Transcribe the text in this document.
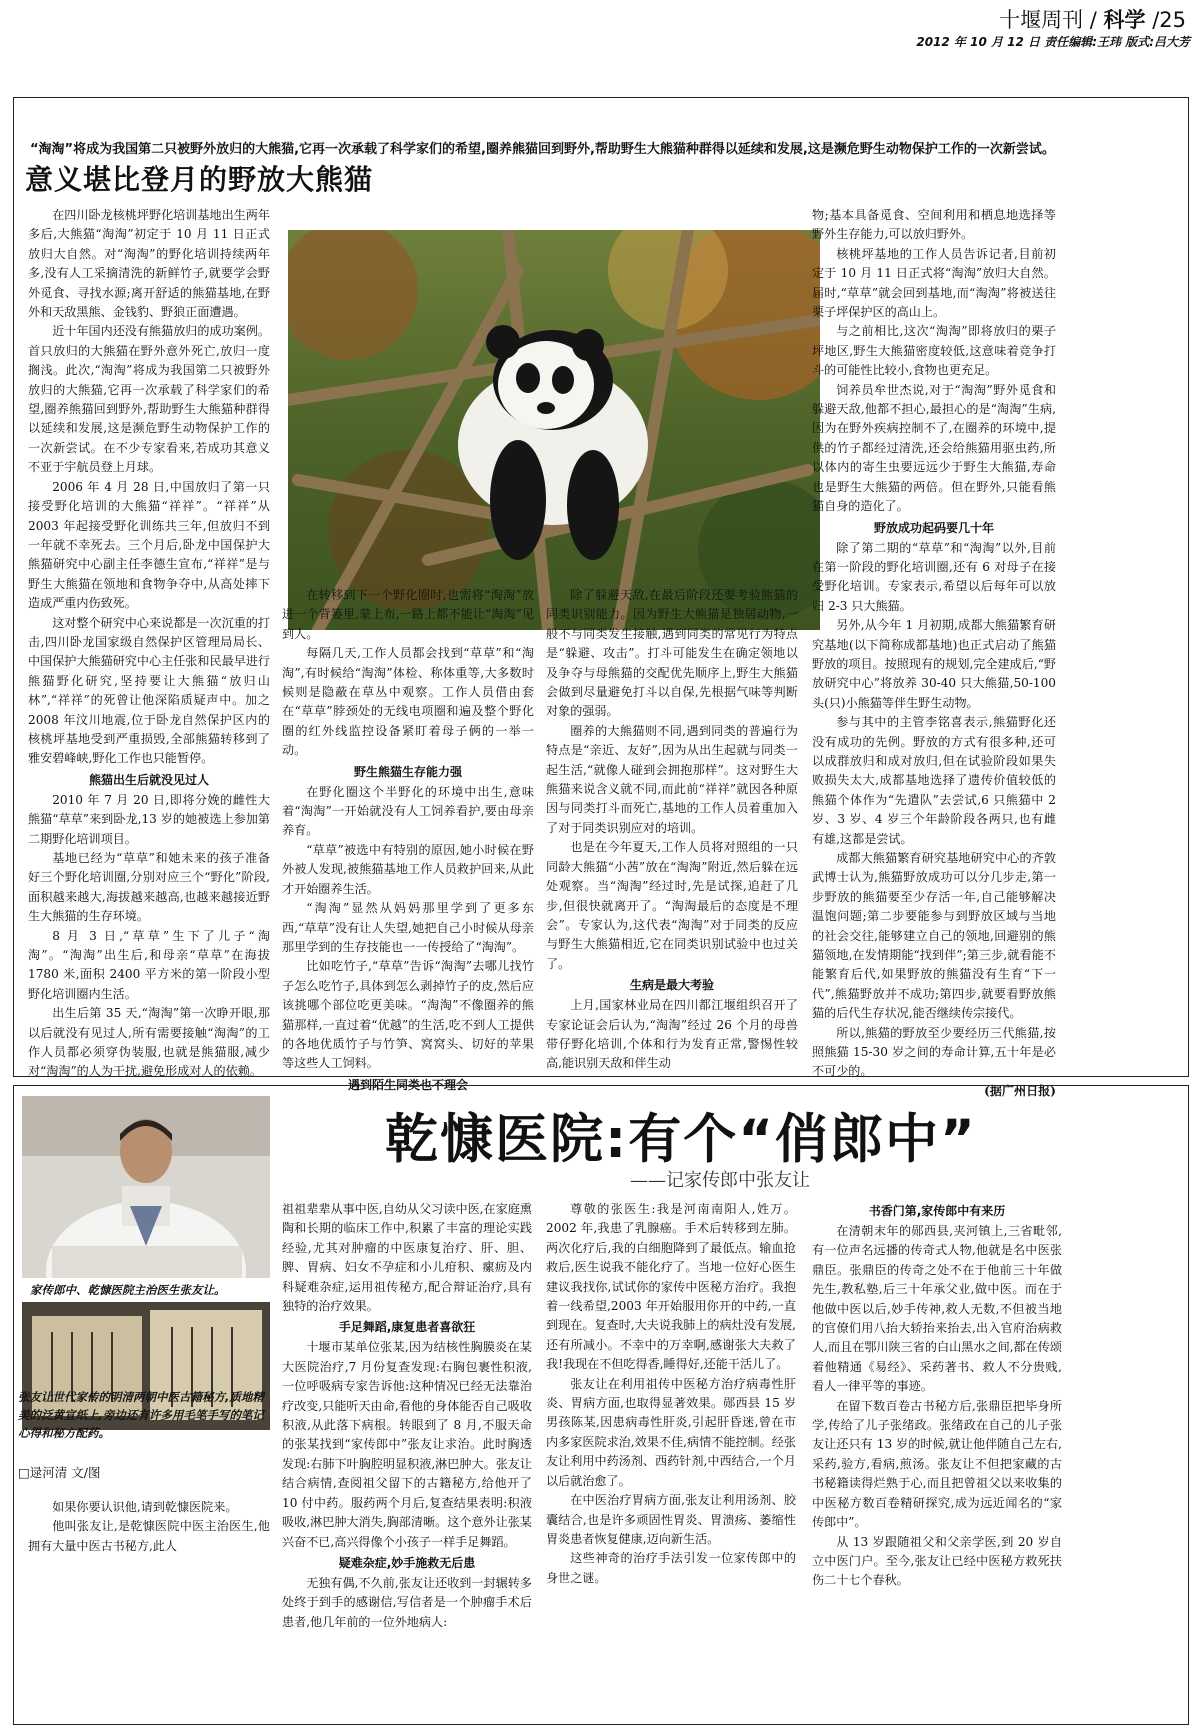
十堰周刊 / 科学 /25
2012 年 10 月 12 日 责任编辑:王玮 版式:吕大芳
“淘淘”将成为我国第二只被野外放归的大熊猫,它再一次承载了科学家们的希望,圈养熊猫回到野外,帮助野生大熊猫种群得以延续和发展,这是濒危野生动物保护工作的一次新尝试。
意义堪比登月的野放大熊猫

在四川卧龙核桃坪野化培训基地出生两年多后,大熊猫“淘淘”初定于 10 月 11 日正式放归大自然。对“淘淘”的野化培训持续两年多,没有人工采摘清洗的新鲜竹子,就要学会野外觅食、寻找水源;离开舒适的熊猫基地,在野外和天敌黑熊、金钱豹、野狼正面遭遇。

近十年国内还没有熊猫放归的成功案例。首只放归的大熊猫在野外意外死亡,放归一度搁浅。此次,“淘淘”将成为我国第二只被野外放归的大熊猫,它再一次承载了科学家们的希望,圈养熊猫回到野外,帮助野生大熊猫种群得以延续和发展,这是濒危野生动物保护工作的一次新尝试。在不少专家看来,若成功其意义不亚于宇航员登上月球。

2006 年 4 月 28 日,中国放归了第一只接受野化培训的大熊猫“祥祥”。“祥祥”从 2003 年起接受野化训练共三年,但放归不到一年就不幸死去。三个月后,卧龙中国保护大熊猫研究中心副主任李德生宣布,“祥祥”是与野生大熊猫在领地和食物争夺中,从高处摔下造成严重内伤致死。

这对整个研究中心来说都是一次沉重的打击,四川卧龙国家级自然保护区管理局局长、中国保护大熊猫研究中心主任张和民最早进行熊猫野化研究,坚持要让大熊猫“放归山林”,“祥祥”的死曾让他深陷质疑声中。加之 2008 年汶川地震,位于卧龙自然保护区内的核桃坪基地受到严重损毁,全部熊猫转移到了雅安碧峰峡,野化工作也只能暂停。

熊猫出生后就没见过人

2010 年 7 月 20 日,即将分娩的雌性大熊猫“草草”来到卧龙,13 岁的她被选上参加第二期野化培训项目。

基地已经为“草草”和她未来的孩子准备好三个野化培训圈,分别对应三个“野化”阶段,面积越来越大,海拔越来越高,也越来越接近野生大熊猫的生存环境。

8 月 3 日,“草草”生下了儿子“淘淘”。“淘淘”出生后,和母亲“草草”在海拔 1780 米,面积 2400 平方米的第一阶段小型野化培训圈内生活。

出生后第 35 天,“淘淘”第一次睁开眼,那以后就没有见过人,所有需要接触“淘淘”的工作人员都必须穿伪装服,也就是熊猫服,减少对“淘淘”的人为干扰,避免形成对人的依赖。

在转移到下一个野化圈时,也需将“淘淘”放进一个背篓里,蒙上布,一路上都不能让“淘淘”见到人。

每隔几天,工作人员都会找到“草草”和“淘淘”,有时候给“淘淘”体检、称体重等,大多数时候则是隐蔽在草丛中观察。工作人员借由套在“草草”脖颈处的无线电项圈和遍及整个野化圈的红外线监控设备紧盯着母子俩的一举一动。

野生熊猫生存能力强

在野化圈这个半野化的环境中出生,意味着“淘淘”一开始就没有人工饲养看护,要由母亲养育。

“草草”被选中有特别的原因,她小时候在野外被人发现,被熊猫基地工作人员救护回来,从此才开始圈养生活。

“淘淘”显然从妈妈那里学到了更多东西,“草草”没有让人失望,她把自己小时候从母亲那里学到的生存技能也一一传授给了“淘淘”。

比如吃竹子,“草草”告诉“淘淘”去哪儿找竹子怎么吃竹子,具体到怎么剥掉竹子的皮,然后应该挑哪个部位吃更美味。“淘淘”不像圈养的熊猫那样,一直过着“优越”的生活,吃不到人工提供的各地优质竹子与竹笋、窝窝头、切好的苹果等这些人工饲料。

遇到陌生同类也不理会

除了躲避天敌,在最后阶段还要考验熊猫的同类识别能力。因为野生大熊猫是独居动物,一般不与同类发生接触,遇到同类的常见行为特点是“躲避、攻击”。打斗可能发生在确定领地以及争夺与母熊猫的交配优先顺序上,野生大熊猫会做到尽量避免打斗以自保,先根据气味等判断对象的强弱。

圈养的大熊猫则不同,遇到同类的普遍行为特点是“亲近、友好”,因为从出生起就与同类一起生活,“就像人碰到会拥抱那样”。这对野生大熊猫来说含义就不同,而此前“祥祥”就因各种原因与同类打斗而死亡,基地的工作人员着重加入了对于同类识别应对的培训。

也是在今年夏天,工作人员将对照组的一只同龄大熊猫“小茜”放在“淘淘”附近,然后躲在远处观察。当“淘淘”经过时,先是试探,追赶了几步,但很快就离开了。“淘淘最后的态度是不理会”。专家认为,这代表“淘淘”对于同类的反应与野生大熊猫相近,它在同类识别试验中也过关了。

生病是最大考验

上月,国家林业局在四川都江堰组织召开了专家论证会后认为,“淘淘”经过 26 个月的母兽带仔野化培训,个体和行为发育正常,警惕性较高,能识别天敌和伴生动

物;基本具备觅食、空间利用和栖息地选择等野外生存能力,可以放归野外。

核桃坪基地的工作人员告诉记者,目前初定于 10 月 11 日正式将“淘淘”放归大自然。届时,“草草”就会回到基地,而“淘淘”将被送往栗子坪保护区的高山上。

与之前相比,这次“淘淘”即将放归的栗子坪地区,野生大熊猫密度较低,这意味着竞争打斗的可能性比较小,食物也更充足。

饲养员牟世杰说,对于“淘淘”野外觅食和躲避天敌,他都不担心,最担心的是“淘淘”生病,因为在野外疾病控制不了,在圈养的环境中,提供的竹子都经过清洗,还会给熊猫用驱虫药,所以体内的寄生虫要远远少于野生大熊猫,寿命也是野生大熊猫的两倍。但在野外,只能看熊猫自身的造化了。

野放成功起码要几十年

除了第二期的“草草”和“淘淘”以外,目前在第一阶段的野化培训圈,还有 6 对母子在接受野化培训。专家表示,希望以后每年可以放归 2-3 只大熊猫。

另外,从今年 1 月初期,成都大熊猫繁育研究基地(以下简称成都基地)也正式启动了熊猫野放的项目。按照现有的规划,完全建成后,“野放研究中心”将放养 30-40 只大熊猫,50-100 头(只)小熊猫等伴生野生动物。

参与其中的主管李铭喜表示,熊猫野化还没有成功的先例。野放的方式有很多种,还可以成群放归和成对放归,但在试验阶段如果失败损失太大,成都基地选择了遗传价值较低的熊猫个体作为“先遣队”去尝试,6 只熊猫中 2 岁、3 岁、4 岁三个年龄阶段各两只,也有雌有雄,这都是尝试。

成都大熊猫繁育研究基地研究中心的齐敦武博士认为,熊猫野放成功可以分几步走,第一步野放的熊猫要至少存活一年,自己能够解决温饱问题;第二步要能参与到野放区域与当地的社会交往,能够建立自己的领地,回避别的熊猫领地,在发情期能“找到伴”;第三步,就看能不能繁育后代,如果野放的熊猫没有生育“下一代”,熊猫野放并不成功;第四步,就要看野放熊猫的后代生存状况,能否继续传宗接代。

所以,熊猫的野放至少要经历三代熊猫,按照熊猫 15-30 岁之间的寿命计算,五十年是必不可少的。

(据广州日报)
乾慷医院:有个“俏郎中”
——记家传郎中张友让
家传郎中、乾慷医院主治医生张友让。
张友让世代家传的明清两朝中医古籍秘方,质地精美的泛黄宣纸上,旁边还有许多用毛笔手写的笔记心得和秘方配药。
□逯河清 文/图

如果你要认识他,请到乾慷医院来。

他叫张友让,是乾慷医院中医主治医生,他拥有大量中医古书秘方,此人

祖祖辈辈从事中医,自幼从父习读中医,在家庭熏陶和长期的临床工作中,积累了丰富的理论实践经验,尤其对肿瘤的中医康复治疗、肝、胆、脾、胃病、妇女不孕症和小儿疳积、瘰疬及内科疑难杂症,运用祖传秘方,配合辩证治疗,具有独特的治疗效果。

手足舞蹈,康复患者喜欲狂

十堰市某单位张某,因为结核性胸膜炎在某大医院治疗,7 月份复查发现:右胸包裹性积液,一位呼吸病专家告诉他:这种情况已经无法靠治疗改变,只能听天由命,看他的身体能否自己吸收积液,从此落下病根。转眼到了 8 月,不服天命的张某找到“家传郎中”张友让求治。此时胸透发现:右肺下叶胸腔明显积液,淋巴肿大。张友让结合病情,查阅祖父留下的古籍秘方,给他开了 10 付中药。服药两个月后,复查结果表明:积液吸收,淋巴肿大消失,胸部清晰。这个意外让张某兴奋不已,高兴得像个小孩子一样手足舞蹈。

疑难杂症,妙手施救无后患

无独有偶,不久前,张友让还收到一封辗转多处终于到手的感谢信,写信者是一个肿瘤手术后患者,他几年前的一位外地病人:

尊敬的张医生:我是河南南阳人,姓万。2002 年,我患了乳腺癌。手术后转移到左肺。两次化疗后,我的白细胞降到了最低点。输血抢救后,医生说我不能化疗了。当地一位好心医生建议我找你,试试你的家传中医秘方治疗。我抱着一线希望,2003 年开始服用你开的中药,一直到现在。复查时,大夫说我肺上的病灶没有发展,还有所减小。不幸中的万幸啊,感谢张大夫救了我!我现在不但吃得香,睡得好,还能干活儿了。

张友让在利用祖传中医秘方治疗病毒性肝炎、胃病方面,也取得显著效果。郧西县 15 岁男孩陈某,因患病毒性肝炎,引起肝昏迷,曾在市内多家医院求治,效果不佳,病情不能控制。经张友让利用中药汤剂、西药针剂,中西结合,一个月以后就治愈了。

在中医治疗胃病方面,张友让利用汤剂、胶囊结合,也是许多顽固性胃炎、胃溃疡、萎缩性胃炎患者恢复健康,迈向新生活。

这些神奇的治疗手法引发一位家传郎中的身世之谜。

书香门第,家传郎中有来历

在清朝末年的郧西县,夹河镇上,三省毗邻,有一位声名远播的传奇式人物,他就是名中医张鼎臣。张鼎臣的传奇之处不在于他前三十年做先生,教私塾,后三十年承父业,做中医。而在于他做中医以后,妙手传神,救人无数,不但被当地的官僚们用八抬大轿抬来抬去,出入官府治病救人,而且在鄂川陕三省的白山黑水之间,都在传颂着他精通《易经》、采药著书、救人不分贵贱,看人一律平等的事迹。

在留下数百卷古书秘方后,张鼎臣把毕身所学,传给了儿子张绪政。张绪政在自己的儿子张友让还只有 13 岁的时候,就让他伴随自己左右,采药,验方,看病,煎汤。张友让不但把家藏的古书秘籍读得烂熟于心,而且把曾祖父以来收集的中医秘方数百卷精研探究,成为远近闻名的“家传郎中”。

从 13 岁跟随祖父和父亲学医,到 20 岁自立中医门户。至今,张友让已经中医秘方救死扶伤二十七个春秋。
